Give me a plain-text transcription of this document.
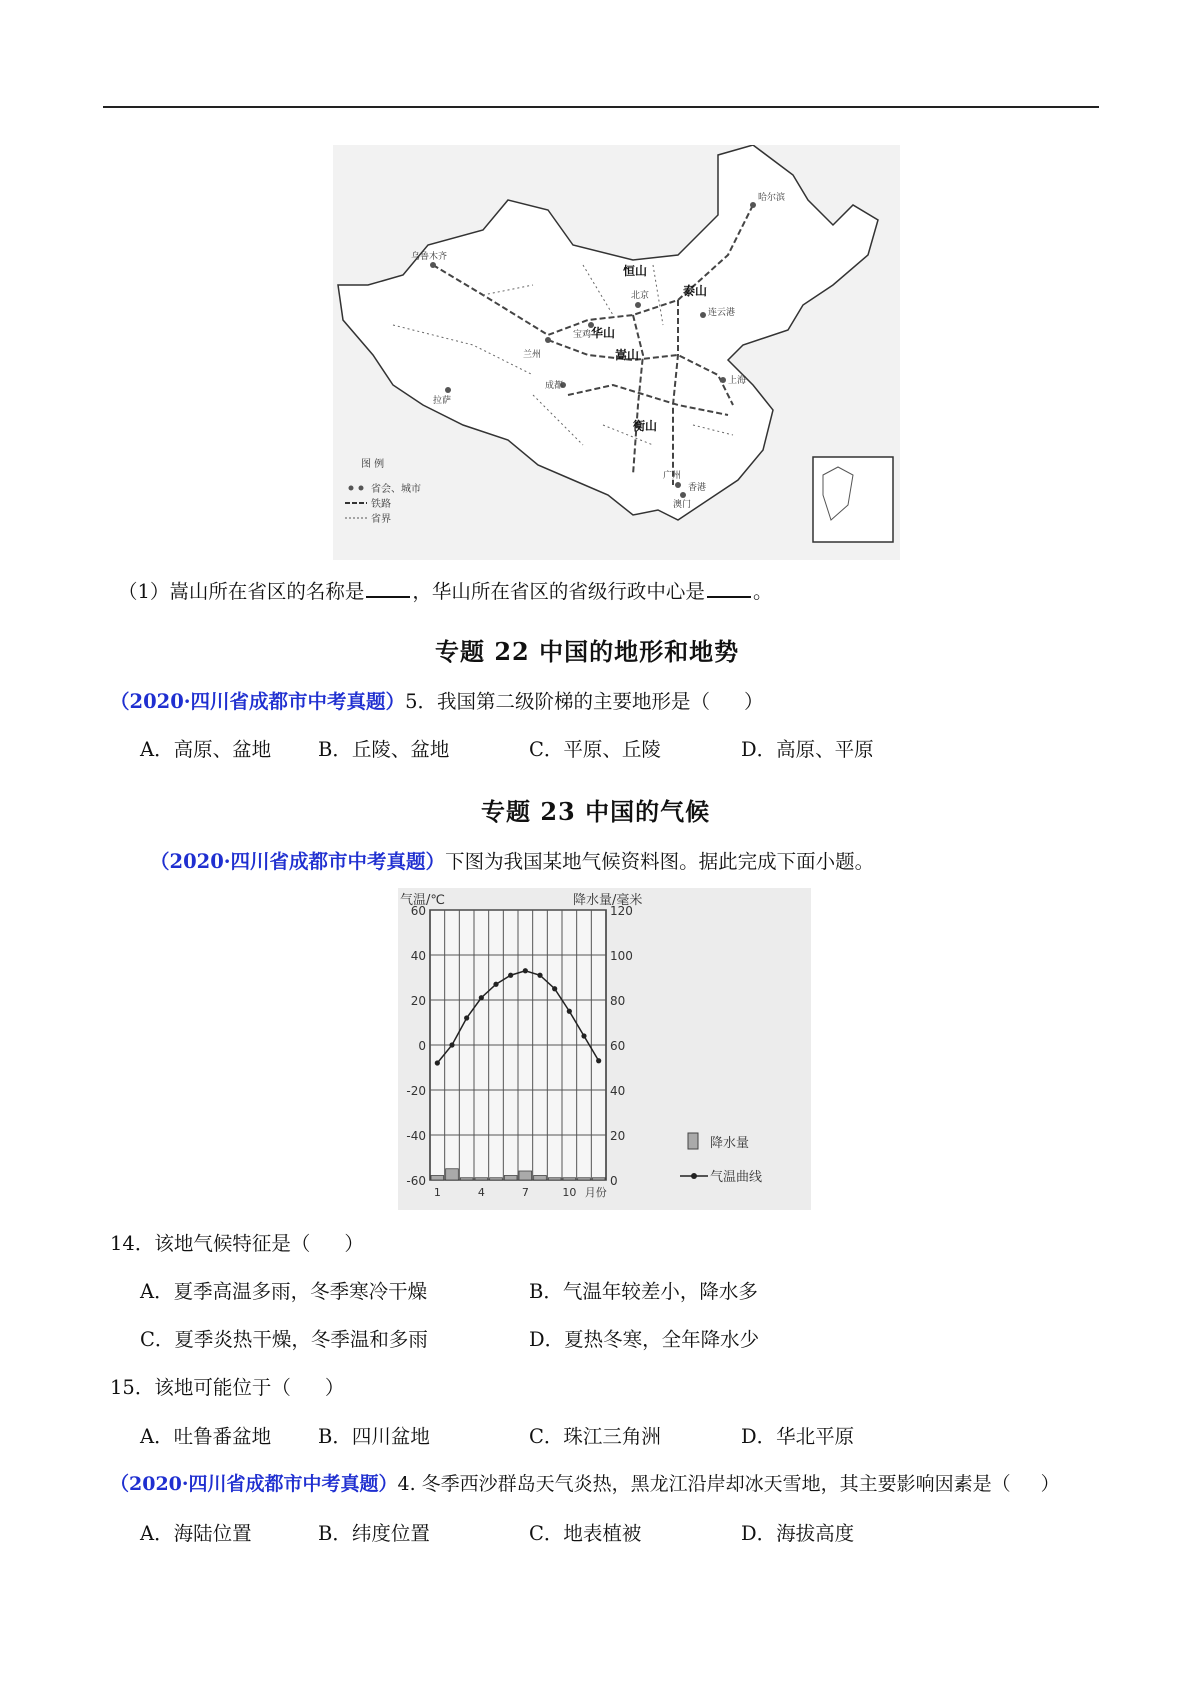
乌鲁木齐
北京
哈尔滨
拉萨
成都	上海
广州
香港
澳门
连云港
宝鸡
兰州
恒山
泰山
华山
嵩山
衡山
图 例
省会、城市
铁路
省界
（1）嵩山所在省区的名称是 ，华山所在省区的省级行政中心是 。
专题 22 中国的地形和地势
（2020·四川省成都市中考真题）5．我国第二级阶梯的主要地形是（ ）
A．高原、盆地 B．丘陵、盆地	C．平原、丘陵	D．高原、平原
专题 23 中国的气候
（2020·四川省成都市中考真题）下图为我国某地气候资料图。据此完成下面小题。
气温/℃	降水量/毫米
60
40
20
0
-20
-40
-60
120
100
80
60
40
20
0
1	4	7	10 月份
降水量
气温曲线
14．该地气候特征是（ ）
A．夏季高温多雨，冬季寒冷干燥	B．气温年较差小，降水多
C．夏季炎热干燥，冬季温和多雨	D．夏热冬寒，全年降水少
15．该地可能位于（ ）
A．吐鲁番盆地 B．四川盆地	C．珠江三角洲	D．华北平原
（2020·四川省成都市中考真题）4. 冬季西沙群岛天气炎热，黑龙江沿岸却冰天雪地，其主要影响因素是（ ）
A．海陆位置	B．纬度位置	C．地表植被	D．海拔高度
